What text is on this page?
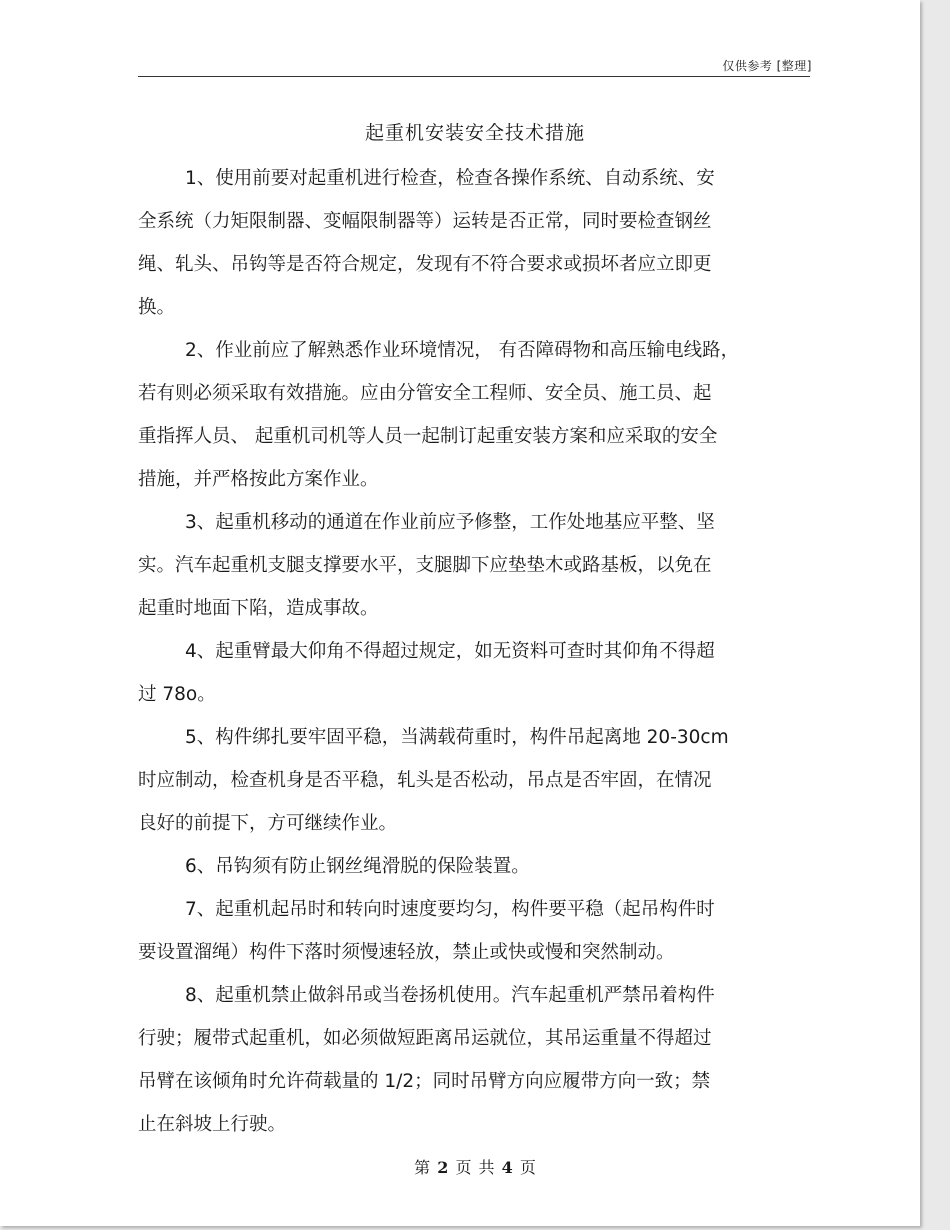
仅供参考 [整理]
起重机安装安全技术措施

1、使用前要对起重机进行检查，检查各操作系统、自动系统、安
全系统（力矩限制器、变幅限制器等）运转是否正常，同时要检查钢丝
绳、轧头、吊钩等是否符合规定，发现有不符合要求或损坏者应立即更
换。

2、作业前应了解熟悉作业环境情况， 有否障碍物和高压输电线路，
若有则必须采取有效措施。应由分管安全工程师、安全员、施工员、起
重指挥人员、 起重机司机等人员一起制订起重安装方案和应采取的安全
措施，并严格按此方案作业。

3、起重机移动的通道在作业前应予修整，工作处地基应平整、坚
实。汽车起重机支腿支撑要水平，支腿脚下应垫垫木或路基板，以免在
起重时地面下陷，造成事故。

4、起重臂最大仰角不得超过规定，如无资料可查时其仰角不得超
过 78o。

5、构件绑扎要牢固平稳，当满载荷重时，构件吊起离地 20-30cm
时应制动，检查机身是否平稳，轧头是否松动，吊点是否牢固，在情况
良好的前提下，方可继续作业。

6、吊钩须有防止钢丝绳滑脱的保险装置。

7、起重机起吊时和转向时速度要均匀，构件要平稳（起吊构件时
要设置溜绳）构件下落时须慢速轻放，禁止或快或慢和突然制动。

8、起重机禁止做斜吊或当卷扬机使用。汽车起重机严禁吊着构件
行驶；履带式起重机，如必须做短距离吊运就位，其吊运重量不得超过
吊臂在该倾角时允许荷载量的 1/2；同时吊臂方向应履带方向一致；禁
止在斜坡上行驶。

第 2 页 共 4 页
